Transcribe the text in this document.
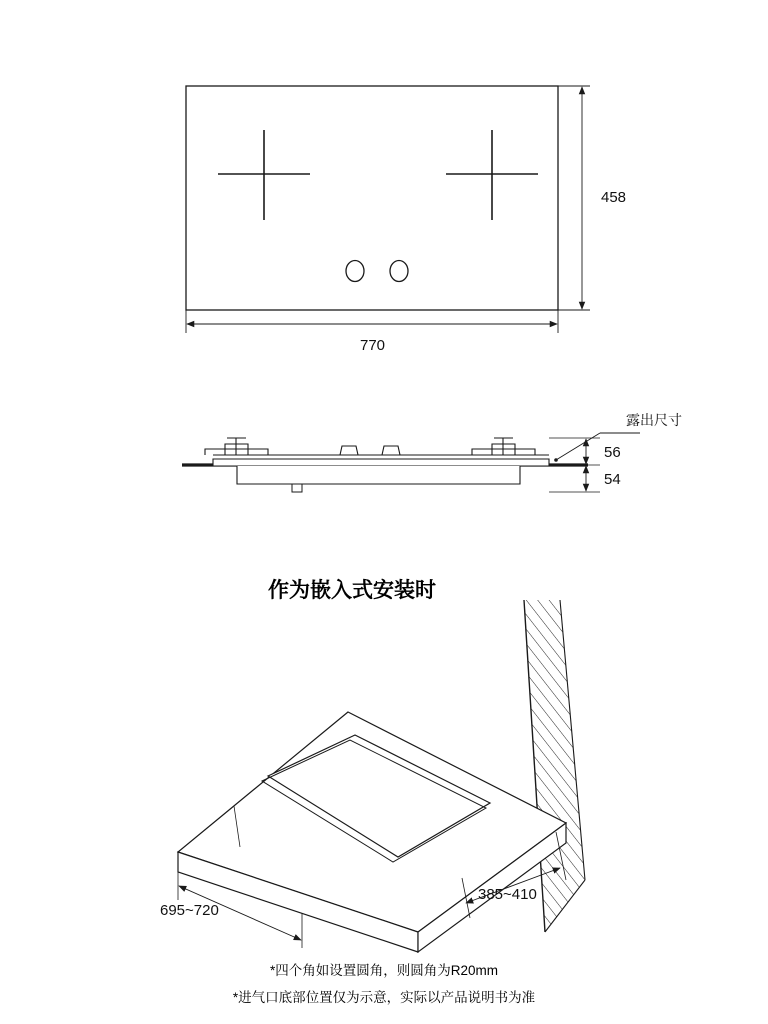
770
458
露出尺寸
56
54
作为嵌入式安装时
695~720
385~410
*四个角如设置圆角，则圆角为R20mm
*进气口底部位置仅为示意，实际以产品说明书为准
